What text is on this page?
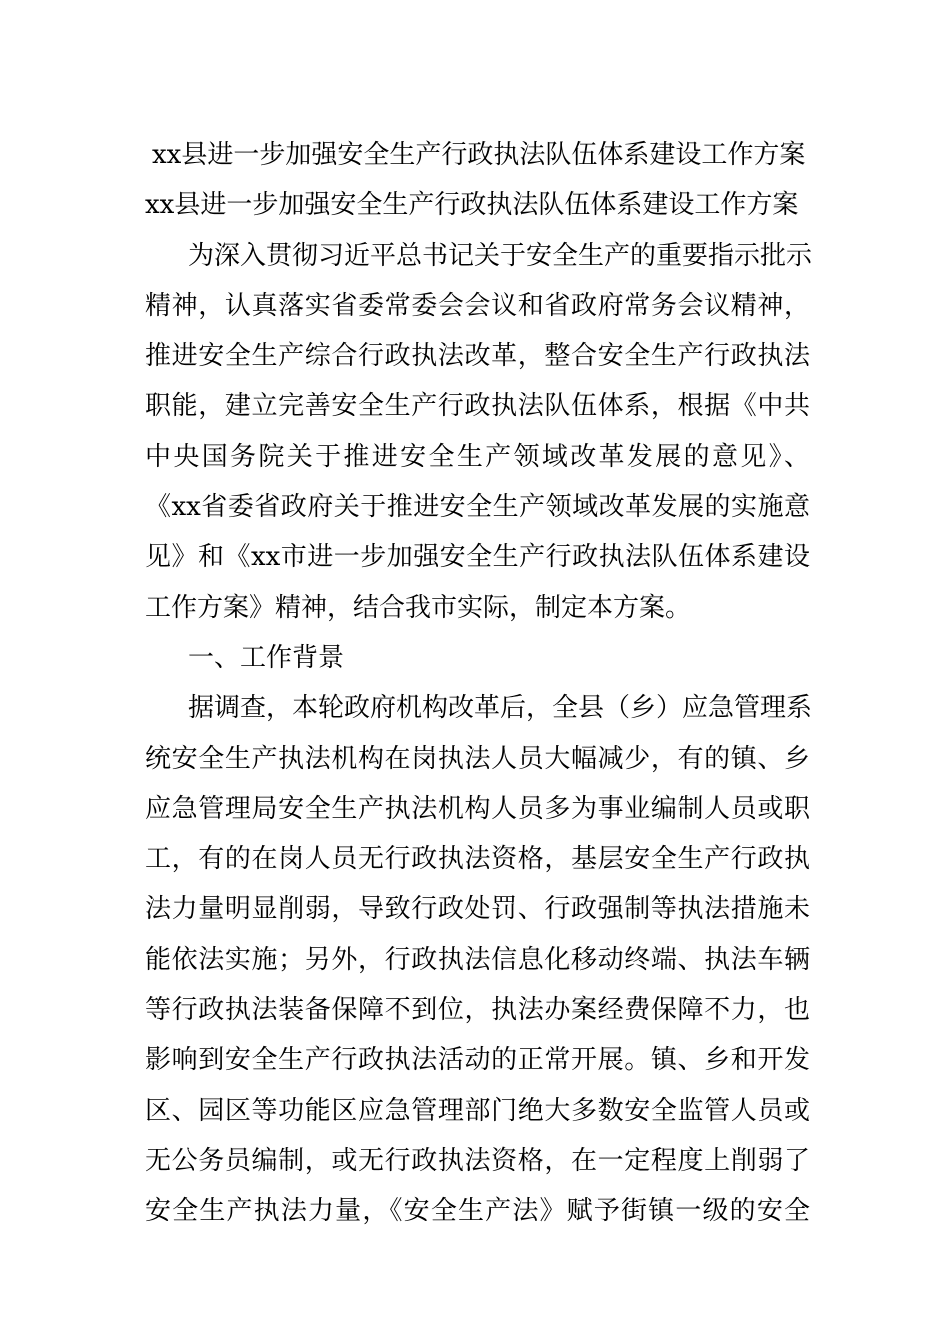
xx县进一步加强安全生产行政执法队伍体系建设工作方案
xx县进一步加强安全生产行政执法队伍体系建设工作方案
为深入贯彻习近平总书记关于安全生产的重要指示批示
精神，认真落实省委常委会会议和省政府常务会议精神，
推进安全生产综合行政执法改革，整合安全生产行政执法
职能，建立完善安全生产行政执法队伍体系，根据《中共
中央国务院关于推进安全生产领域改革发展的意见》、
《xx省委省政府关于推进安全生产领域改革发展的实施意
见》和《xx市进一步加强安全生产行政执法队伍体系建设
工作方案》精神，结合我市实际，制定本方案。
一、工作背景
据调查，本轮政府机构改革后，全县（乡）应急管理系
统安全生产执法机构在岗执法人员大幅减少，有的镇、乡
应急管理局安全生产执法机构人员多为事业编制人员或职
工，有的在岗人员无行政执法资格，基层安全生产行政执
法力量明显削弱，导致行政处罚、行政强制等执法措施未
能依法实施；另外，行政执法信息化移动终端、执法车辆
等行政执法装备保障不到位，执法办案经费保障不力，也
影响到安全生产行政执法活动的正常开展。镇、乡和开发
区、园区等功能区应急管理部门绝大多数安全监管人员或
无公务员编制，或无行政执法资格，在一定程度上削弱了
安全生产执法力量，《安全生产法》赋予街镇一级的安全
